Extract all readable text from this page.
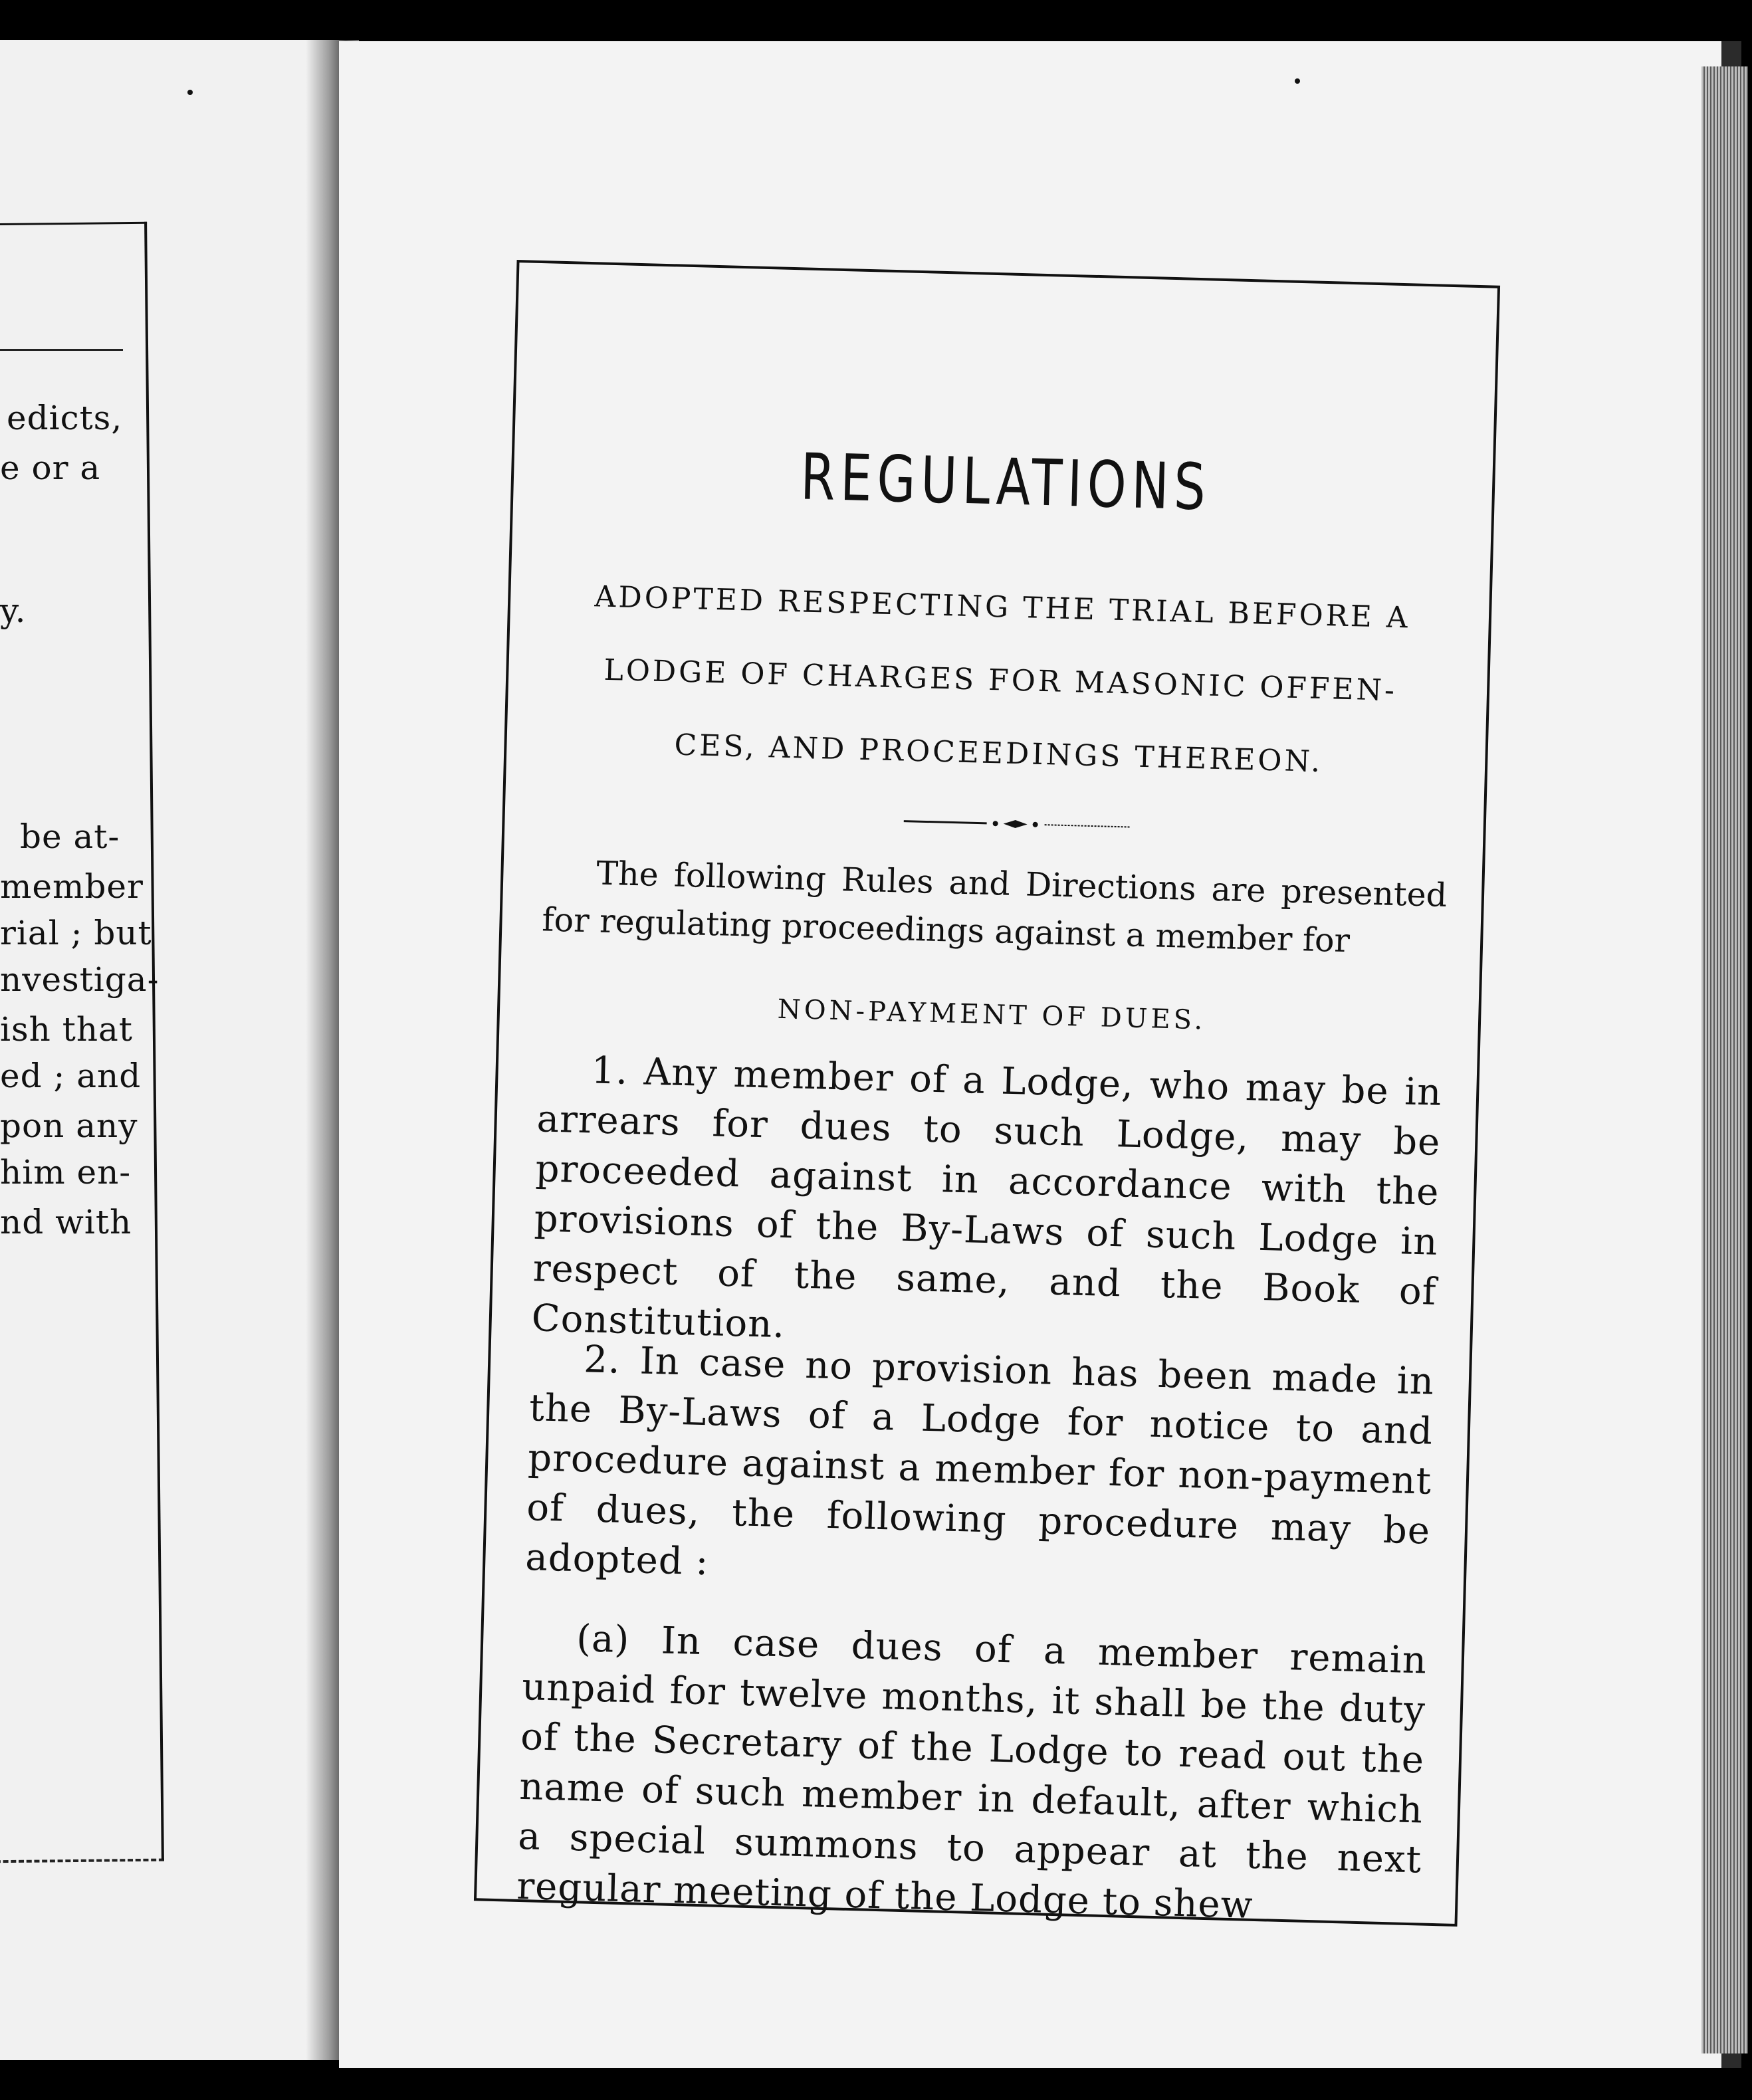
edicts,
e or a
y.
be at-
member
rial ; but
nvestiga-
ish that
ed ; and
pon any
him en-
nd with
REGULATIONS
ADOPTED RESPECTING THE TRIAL BEFORE A
LODGE OF CHARGES FOR MASONIC OFFEN-
CES, AND PROCEEDINGS THEREON.
The following Rules and Directions are presented for regulating proceedings against a member for
NON-PAYMENT OF DUES.
1. Any member of a Lodge, who may be in arrears for dues to such Lodge, may be proceeded against in accordance with the provisions of the By-Laws of such Lodge in respect of the same, and the Book of Constitution.
2. In case no provision has been made in the By-Laws of a Lodge for notice to and procedure against a member for non-payment of dues, the following procedure may be adopted :
(a) In case dues of a member remain unpaid for twelve months, it shall be the duty of the Secretary of the Lodge to read out the name of such member in default, after which a special summons to appear at the next regular meeting of the Lodge to shew
